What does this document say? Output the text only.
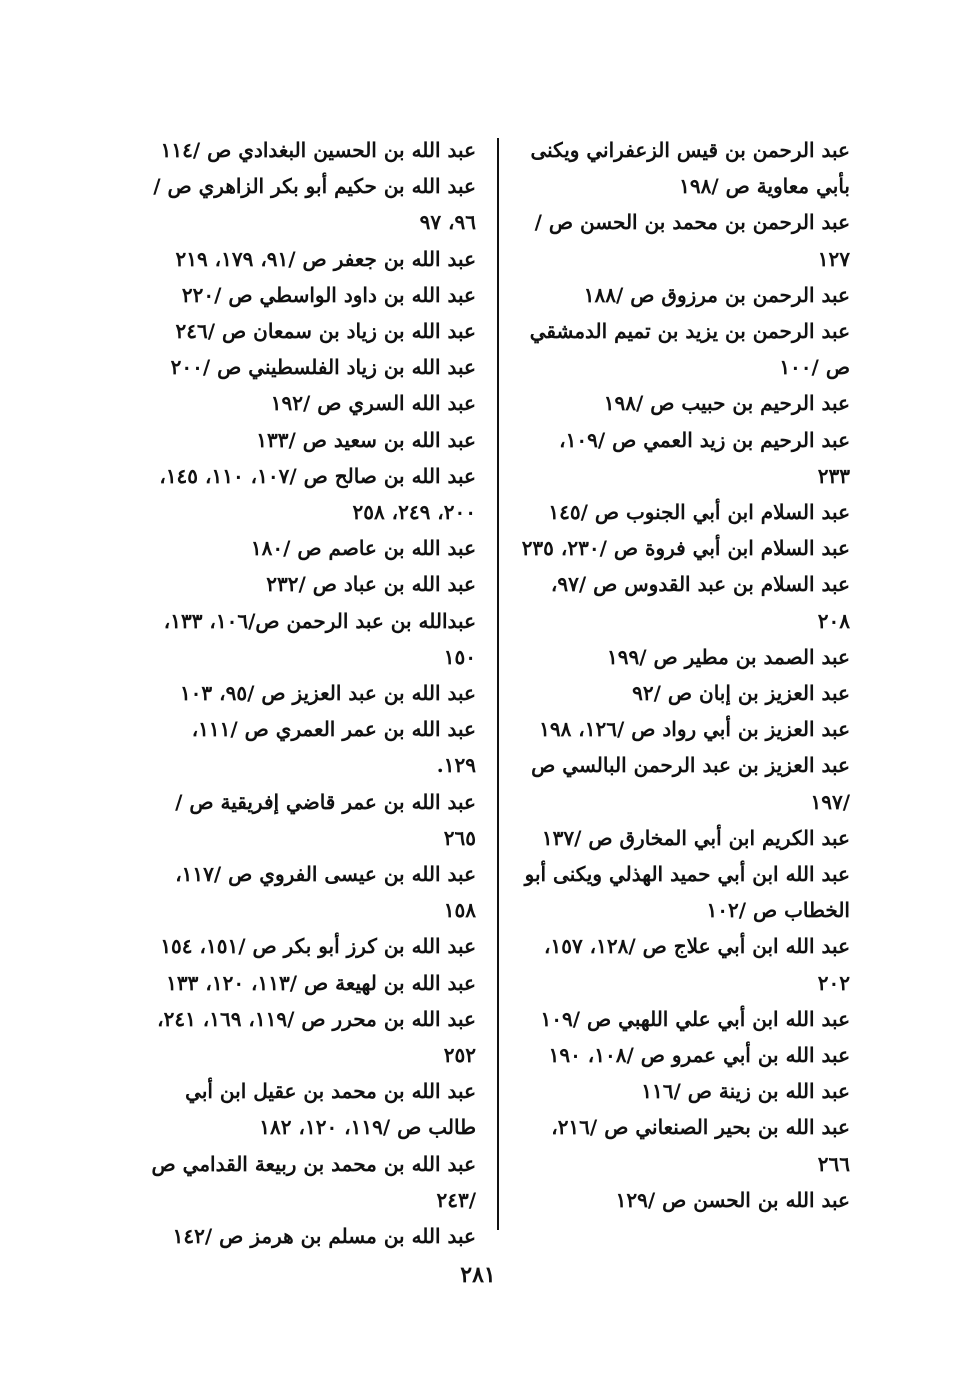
عبد الرحمن بن قيس الزعفراني ويكنى بأبي معاوية ص /١٩٨

عبد الرحمن بن محمد بن الحسن ص /١٢٧

عبد الرحمن بن مرزوق ص /١٨٨

عبد الرحمن بن يزيد بن تميم الدمشقي ص /١٠٠

عبد الرحيم بن حبيب ص /١٩٨

عبد الرحيم بن زيد العمي ص /١٠٩، ٢٣٣

عبد السلام ابن أبي الجنوب ص /١٤٥

عبد السلام ابن أبي فروة ص /٢٣٠، ٢٣٥

عبد السلام بن عبد القدوس ص /٩٧، ٢٠٨

عبد الصمد بن مطير ص /١٩٩

عبد العزيز بن إبان ص /٩٢

عبد العزيز بن أبي رواد ص /١٢٦، ١٩٨

عبد العزيز بن عبد الرحمن البالسي ص /١٩٧

عبد الكريم ابن أبي المخارق ص /١٣٧

عبد الله ابن أبي حميد الهذلي ويكنى أبو الخطاب ص /١٠٢

عبد الله ابن أبي علاج ص /١٢٨، ١٥٧، ٢٠٢

عبد الله ابن أبي علي اللهبي ص /١٠٩

عبد الله بن أبي عمرو ص /١٠٨، ١٩٠

عبد الله بن زينة ص /١١٦

عبد الله بن بحير الصنعاني ص /٢١٦، ٢٦٦

عبد الله بن الحسن ص /١٢٩

عبد الله بن الحسين البغدادي ص /١١٤

عبد الله بن حكيم أبو بكر الزاهري ص /٩٦، ٩٧

عبد الله بن جعفر ص /٩١، ١٧٩، ٢١٩

عبد الله بن داود الواسطي ص /٢٢٠

عبد الله بن زياد بن سمعان ص /٢٤٦

عبد الله بن زياد الفلسطيني ص /٢٠٠

عبد الله السري ص /١٩٢

عبد الله بن سعيد ص /١٣٣

عبد الله بن صالح ص /١٠٧، ١١٠، ١٤٥، ٢٠٠، ٢٤٩، ٢٥٨

عبد الله بن عاصم ص /١٨٠

عبد الله بن عباد ص /٢٣٢

عبدالله بن عبد الرحمن ص/١٠٦، ١٣٣، ١٥٠

عبد الله بن عبد العزيز ص /٩٥، ١٠٣

عبد الله بن عمر العمري ص /١١١، ١٢٩.

عبد الله بن عمر قاضي إفريقية ص /٢٦٥

عبد الله بن عيسى الفروي ص /١١٧، ١٥٨

عبد الله بن كرز أبو بكر ص /١٥١، ١٥٤

عبد الله بن لهيعة ص /١١٣، ١٢٠، ١٣٣

عبد الله بن محرر ص /١١٩، ١٦٩، ٢٤١، ٢٥٢

عبد الله بن محمد بن عقيل ابن أبي طالب ص /١١٩، ١٢٠، ١٨٢

عبد الله بن محمد بن ربيعة القدامي ص /٢٤٣

عبد الله بن مسلم بن هرمز ص /١٤٢

٢٨١
